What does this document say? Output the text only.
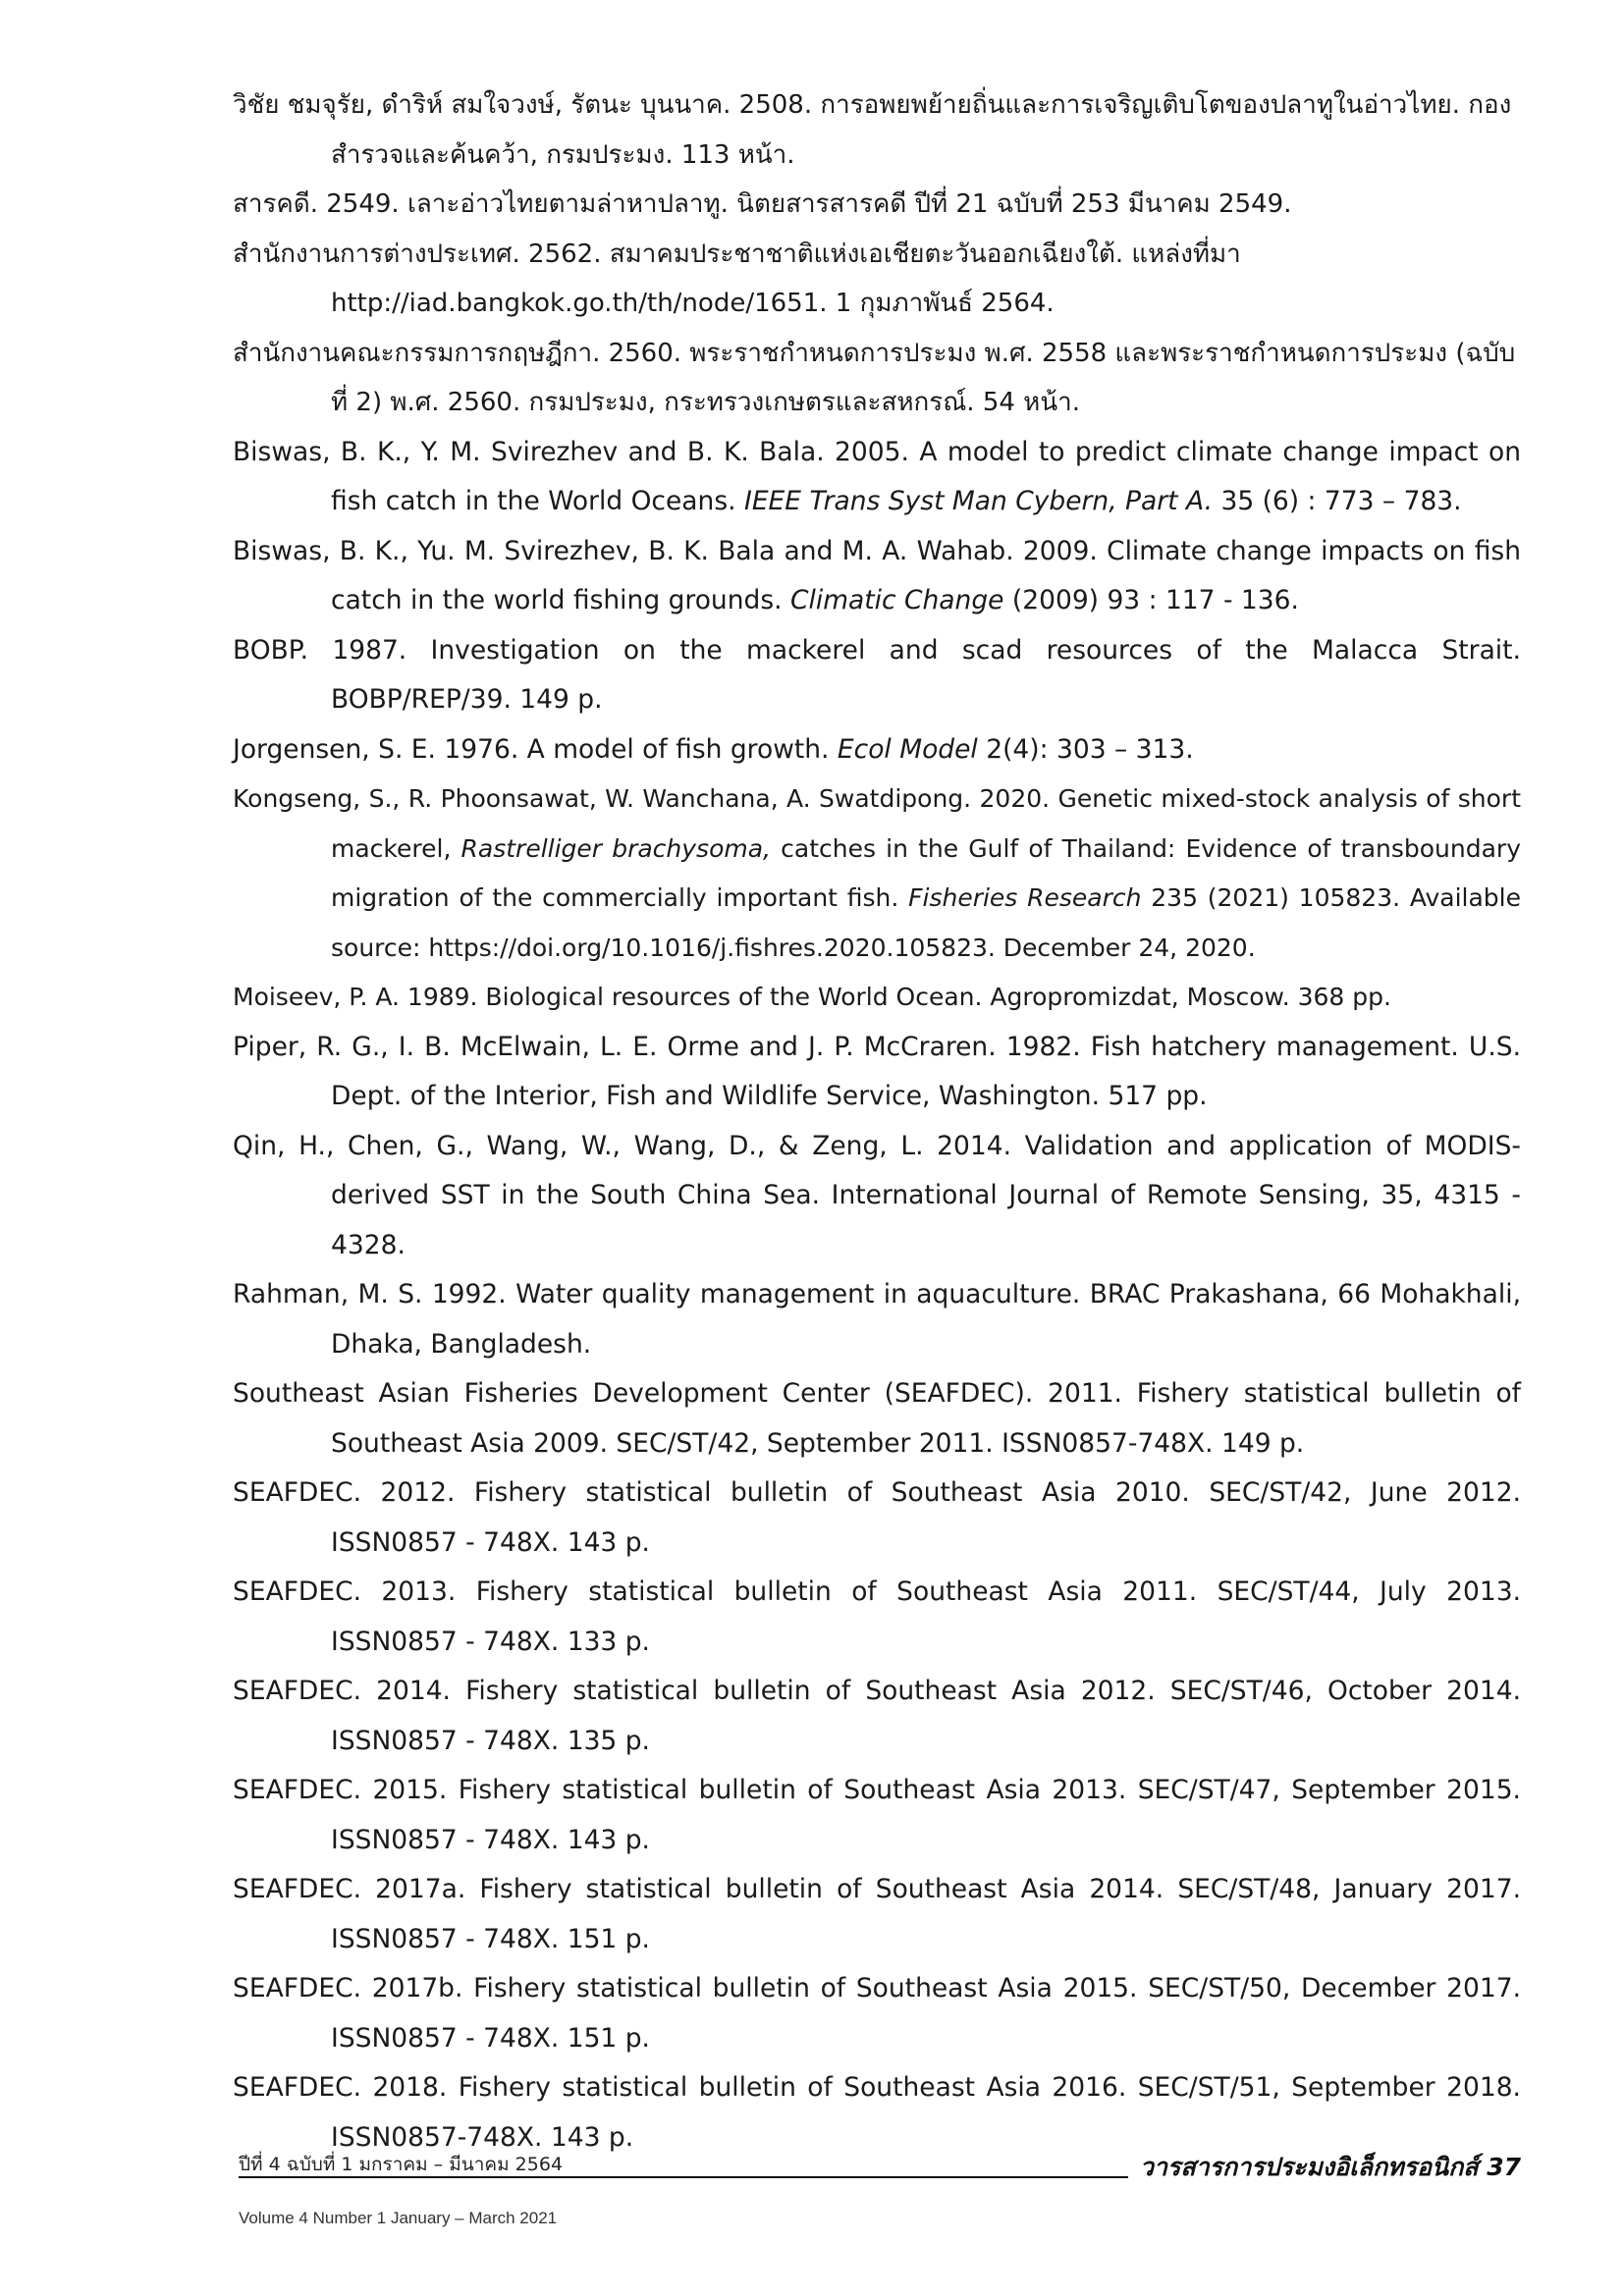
วิชัย ชมจุรัย, ดำริห์ สมใจวงษ์, รัตนะ บุนนาค. 2508. การอพยพย้ายถิ่นและการเจริญเติบโตของปลาทูในอ่าวไทย. กองสำรวจและค้นคว้า, กรมประมง. 113 หน้า.

สารคดี. 2549. เลาะอ่าวไทยตามล่าหาปลาทู. นิตยสารสารคดี ปีที่ 21 ฉบับที่ 253 มีนาคม 2549.

สำนักงานการต่างประเทศ. 2562. สมาคมประชาชาติแห่งเอเชียตะวันออกเฉียงใต้. แหล่งที่มา http://iad.bangkok.go.th/th/node/1651. 1 กุมภาพันธ์ 2564.

สำนักงานคณะกรรมการกฤษฎีกา. 2560. พระราชกำหนดการประมง พ.ศ. 2558 และพระราชกำหนดการประมง (ฉบับที่ 2) พ.ศ. 2560. กรมประมง, กระทรวงเกษตรและสหกรณ์. 54 หน้า.

Biswas, B. K., Y. M. Svirezhev and B. K. Bala. 2005. A model to predict climate change impact on fish catch in the World Oceans. IEEE Trans Syst Man Cybern, Part A. 35 (6) : 773 – 783.

Biswas, B. K., Yu. M. Svirezhev, B. K. Bala and M. A. Wahab. 2009. Climate change impacts on fish catch in the world fishing grounds. Climatic Change (2009) 93 : 117 - 136.

BOBP. 1987. Investigation on the mackerel and scad resources of the Malacca Strait. BOBP/REP/39. 149 p.

Jorgensen, S. E. 1976. A model of fish growth. Ecol Model 2(4): 303 – 313.

Kongseng, S., R. Phoonsawat, W. Wanchana, A. Swatdipong. 2020. Genetic mixed-stock analysis of short mackerel, Rastrelliger brachysoma, catches in the Gulf of Thailand: Evidence of transboundary migration of the commercially important fish. Fisheries Research 235 (2021) 105823. Available source: https://doi.org/10.1016/j.fishres.2020.105823. December 24, 2020.

Moiseev, P. A. 1989. Biological resources of the World Ocean. Agropromizdat, Moscow. 368 pp.

Piper, R. G., I. B. McElwain, L. E. Orme and J. P. McCraren. 1982. Fish hatchery management. U.S. Dept. of the Interior, Fish and Wildlife Service, Washington. 517 pp.

Qin, H., Chen, G., Wang, W., Wang, D., & Zeng, L. 2014. Validation and application of MODIS-derived SST in the South China Sea. International Journal of Remote Sensing, 35, 4315 - 4328.

Rahman, M. S. 1992. Water quality management in aquaculture. BRAC Prakashana, 66 Mohakhali, Dhaka, Bangladesh.

Southeast Asian Fisheries Development Center (SEAFDEC). 2011. Fishery statistical bulletin of Southeast Asia 2009. SEC/ST/42, September 2011. ISSN0857-748X. 149 p.

SEAFDEC. 2012. Fishery statistical bulletin of Southeast Asia 2010. SEC/ST/42, June 2012. ISSN0857 - 748X. 143 p.

SEAFDEC. 2013. Fishery statistical bulletin of Southeast Asia 2011. SEC/ST/44, July 2013. ISSN0857 - 748X. 133 p.

SEAFDEC. 2014. Fishery statistical bulletin of Southeast Asia 2012. SEC/ST/46, October 2014. ISSN0857 - 748X. 135 p.

SEAFDEC. 2015. Fishery statistical bulletin of Southeast Asia 2013. SEC/ST/47, September 2015. ISSN0857 - 748X. 143 p.

SEAFDEC. 2017a. Fishery statistical bulletin of Southeast Asia 2014. SEC/ST/48, January 2017. ISSN0857 - 748X. 151 p.

SEAFDEC. 2017b. Fishery statistical bulletin of Southeast Asia 2015. SEC/ST/50, December 2017. ISSN0857 - 748X. 151 p.

SEAFDEC. 2018. Fishery statistical bulletin of Southeast Asia 2016. SEC/ST/51, September 2018. ISSN0857-748X. 143 p.

ปีที่ 4 ฉบับที่ 1 มกราคม – มีนาคม 2564	วารสารการประมงอิเล็กทรอนิกส์ 37
Volume 4 Number 1 January – March 2021
